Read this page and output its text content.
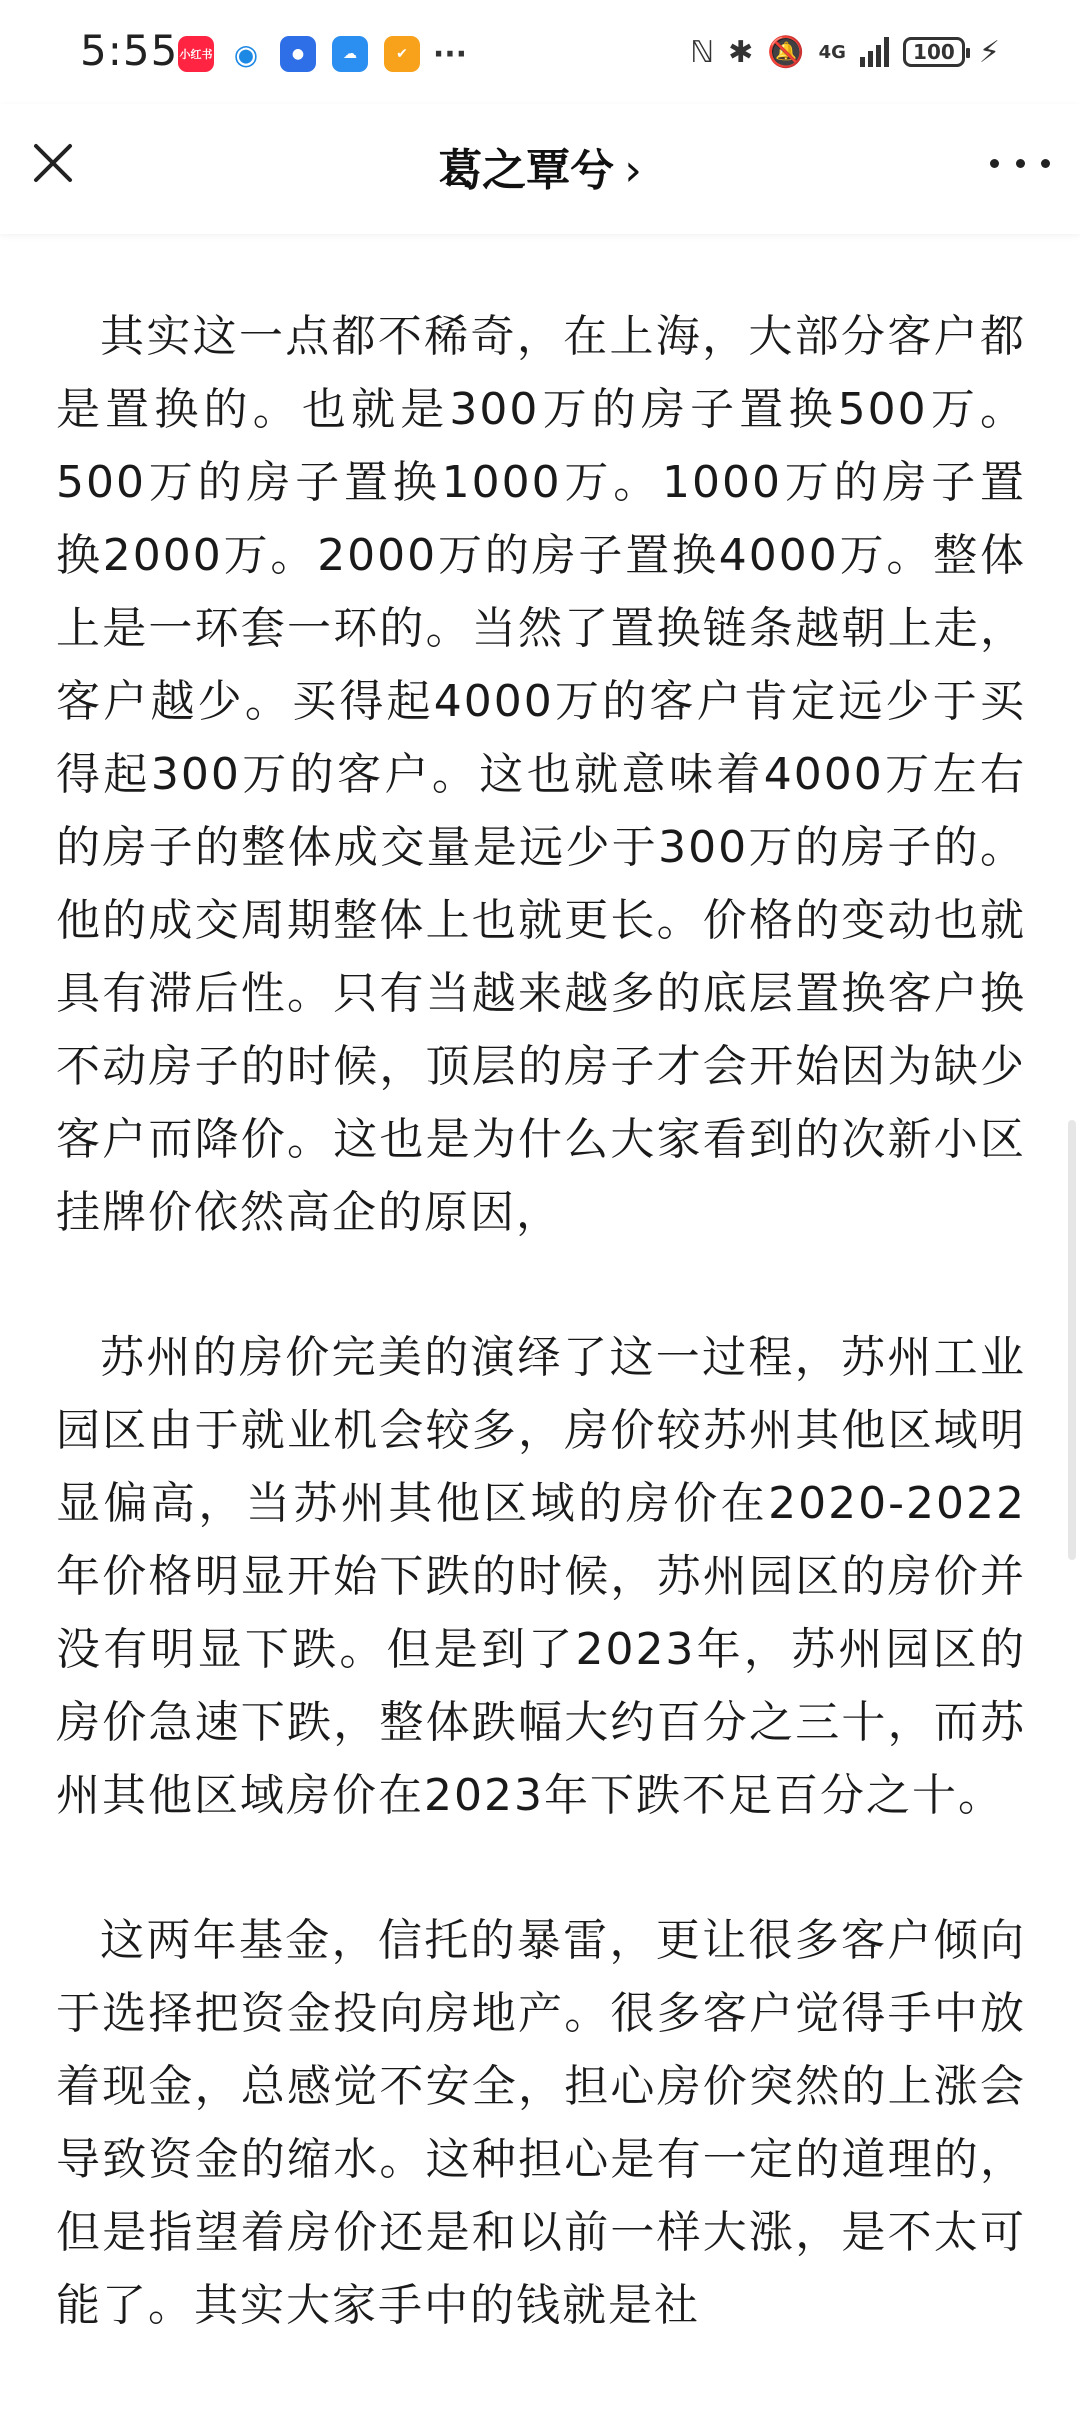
5:55 小红书 ◉	●	☁	✔ ···	ℕ ✱ 🔕 4G	100 ⚡
葛之覃兮 ›

其实这一点都不稀奇，在上海，大部分客户都是置换的。也就是300万的房子置换500万。500万的房子置换1000万。1000万的房子置换2000万。2000万的房子置换4000万。整体上是一环套一环的。当然了置换链条越朝上走，客户越少。买得起4000万的客户肯定远少于买得起300万的客户。这也就意味着4000万左右的房子的整体成交量是远少于300万的房子的。他的成交周期整体上也就更长。价格的变动也就具有滞后性。只有当越来越多的底层置换客户换不动房子的时候，顶层的房子才会开始因为缺少客户而降价。这也是为什么大家看到的次新小区挂牌价依然高企的原因，

苏州的房价完美的演绎了这一过程，苏州工业园区由于就业机会较多，房价较苏州其他区域明显偏高，当苏州其他区域的房价在2020-2022年价格明显开始下跌的时候，苏州园区的房价并没有明显下跌。但是到了2023年，苏州园区的房价急速下跌，整体跌幅大约百分之三十，而苏州其他区域房价在2023年下跌不足百分之十。

这两年基金，信托的暴雷，更让很多客户倾向于选择把资金投向房地产。很多客户觉得手中放着现金，总感觉不安全，担心房价突然的上涨会导致资金的缩水。这种担心是有一定的道理的，但是指望着房价还是和以前一样大涨，是不太可能了。其实大家手中的钱就是社
